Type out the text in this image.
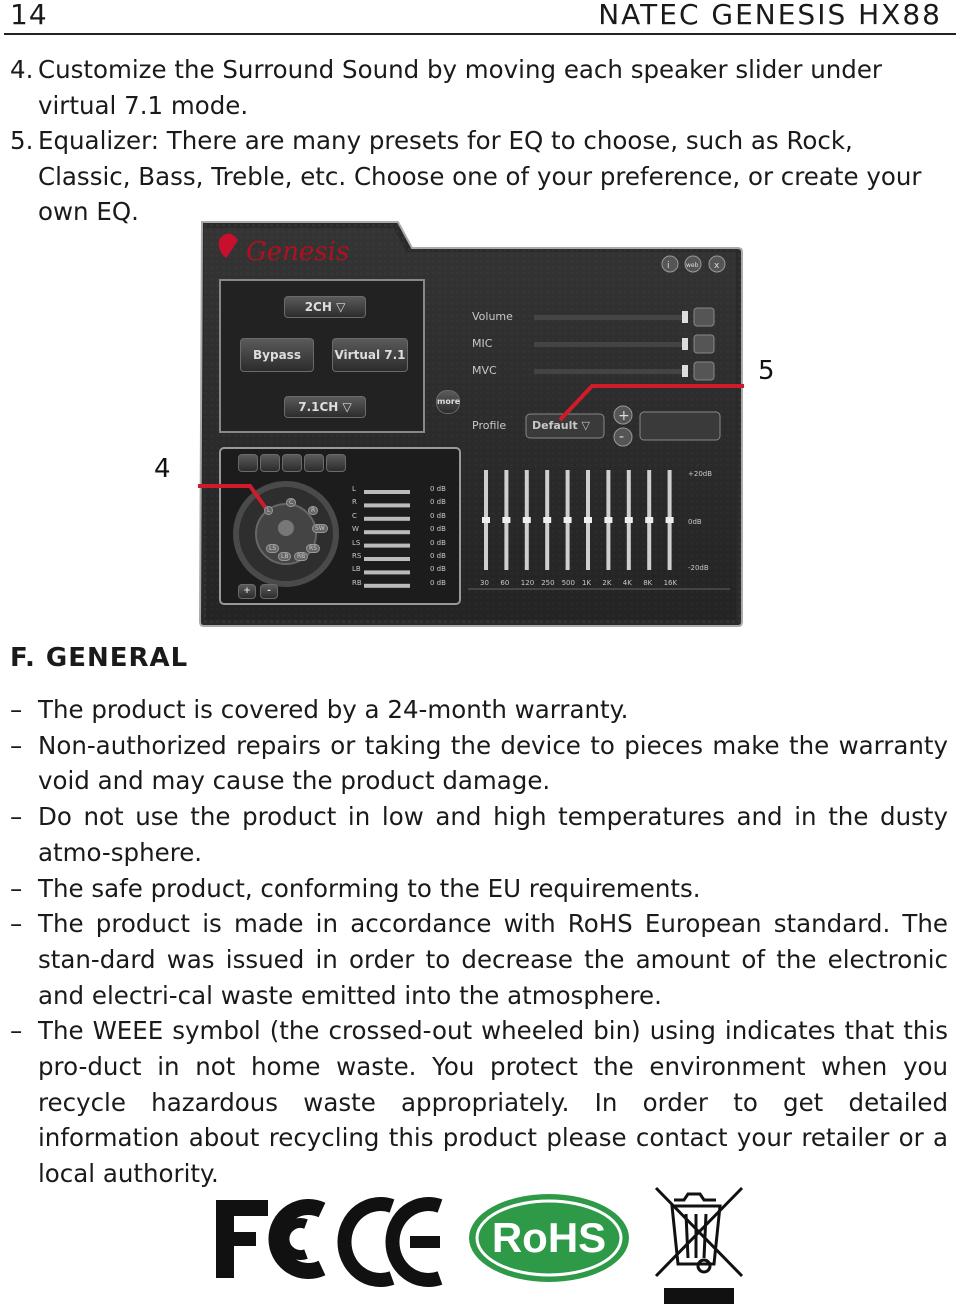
14	NATEC GENESIS HX88
4. Customize the Surround Sound by moving each speaker slider under virtual 7.1 mode.
5. Equalizer: There are many presets for EQ to choose, such as Rock, Classic, Bass, Treble, etc. Choose one of your preference, or create your own EQ.
Genesis	i	web x
+
-
2CH ▽
Bypass	Virtual 7.1
7.1CH ▽	more
Volume
MIC
MVC
Profile Default ▽
L
C
R
SW
LS
LB	RB
RS
+	-
L	0 dB
R	0 dB
C	0 dB
W	0 dB
LS	0 dB
RS	0 dB
LB	0 dB
RB	0 dB	30 60 120 250 500 1K 2K 4K 8K 16K
+20dB
0dB
-20dB
4
5
F. GENERAL
– The product is covered by a 24-month warranty.
– Non-authorized repairs or taking the device to pieces make the warranty void and may cause the product damage.
– Do not use the product in low and high temperatures and in the dusty atmo-sphere.
– The safe product, conforming to the EU requirements.
– The product is made in accordance with RoHS European standard. The stan-dard was issued in order to decrease the amount of the electronic and electri-cal waste emitted into the atmosphere.
– The WEEE symbol (the crossed-out wheeled bin) using indicates that this pro-duct in not home waste. You protect the environment when you recycle hazardous waste appropriately. In order to get detailed information about recycling this product please contact your retailer or a local authority.
RoHS
